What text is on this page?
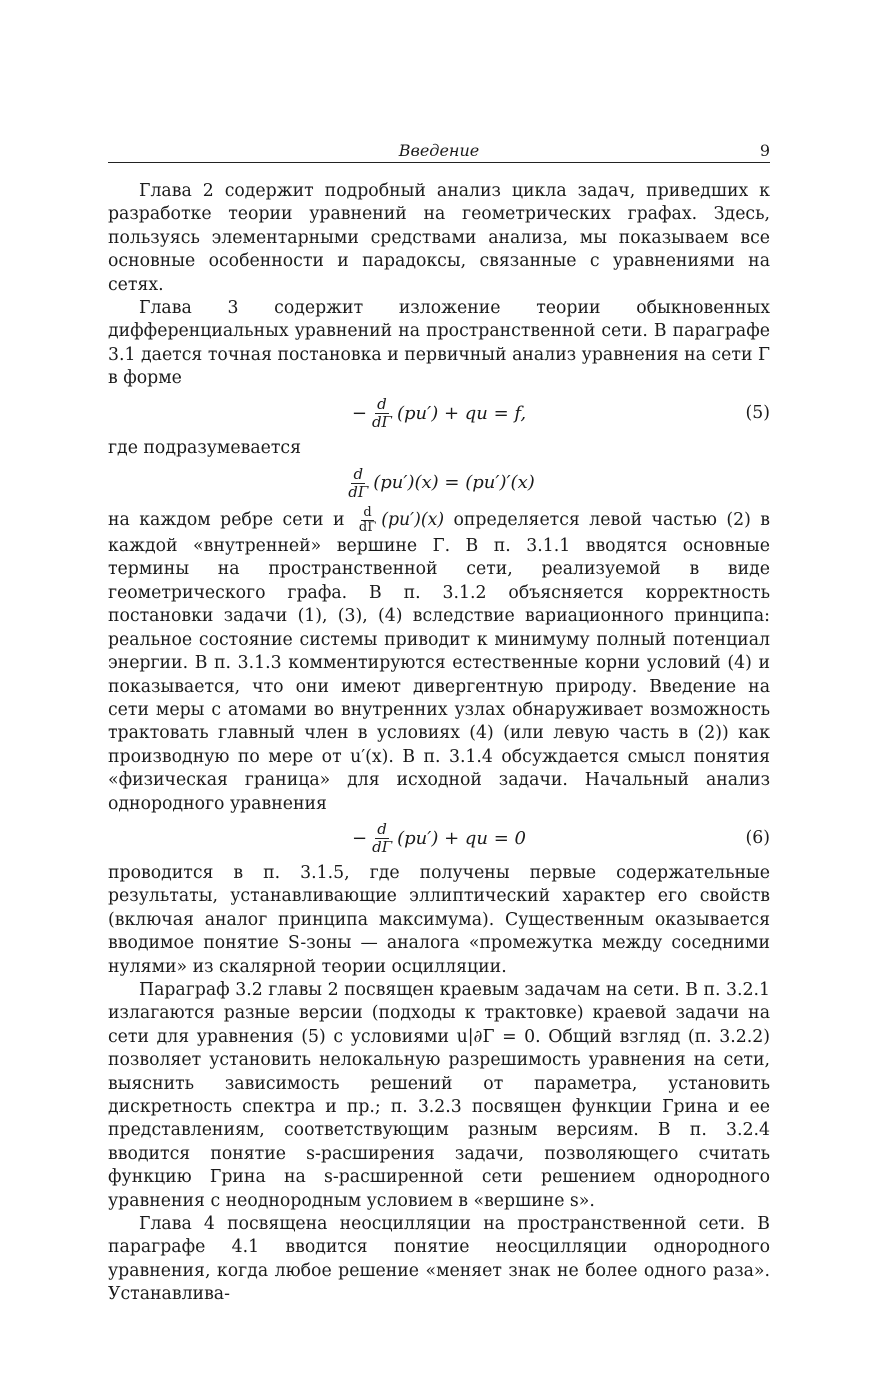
Введение	9

Глава 2 содержит подробный анализ цикла задач, приведших к разработке теории уравнений на геометрических графах. Здесь, пользуясь элементарными средствами анализа, мы показываем все основные особенности и парадоксы, связанные с уравнениями на сетях.

Глава 3 содержит изложение теории обыкновенных дифференциальных уравнений на пространственной сети. В параграфе 3.1 дается точная постановка и первичный анализ уравнения на сети Γ в форме

− $\frac{d}{d\Gamma} (pu')$ + qu = f,	(5)

где подразумевается

$\frac{d}{d\Gamma} (pu')(x) = (pu')'(x)$

на каждом ребре сети и $\frac{d}{d\Gamma} (pu')(x)$ определяется левой частью (2) в каждой «внутренней» вершине Γ. В п. 3.1.1 вводятся основные термины на пространственной сети, реализуемой в виде геометрического графа. В п. 3.1.2 объясняется корректность постановки задачи (1), (3), (4) вследствие вариационного принципа: реальное состояние системы приводит к минимуму полный потенциал энергии. В п. 3.1.3 комментируются естественные корни условий (4) и показывается, что они имеют дивергентную природу. Введение на сети меры с атомами во внутренних узлах обнаруживает возможность трактовать главный член в условиях (4) (или левую часть в (2)) как производную по мере от u′(x). В п. 3.1.4 обсуждается смысл понятия «физическая граница» для исходной задачи. Начальный анализ однородного уравнения

− $\frac{d}{d\Gamma} (pu')$ + qu = 0	(6)

проводится в п. 3.1.5, где получены первые содержательные результаты, устанавливающие эллиптический характер его свойств (включая аналог принципа максимума). Существенным оказывается вводимое понятие S-зоны — аналога «промежутка между соседними нулями» из скалярной теории осцилляции.

Параграф 3.2 главы 2 посвящен краевым задачам на сети. В п. 3.2.1 излагаются разные версии (подходы к трактовке) краевой задачи на сети для уравнения (5) с условиями u|∂Γ = 0. Общий взгляд (п. 3.2.2) позволяет установить нелокальную разрешимость уравнения на сети, выяснить зависимость решений от параметра, установить дискретность спектра и пр.; п. 3.2.3 посвящен функции Грина и ее представлениям, соответствующим разным версиям. В п. 3.2.4 вводится понятие s-расширения задачи, позволяющего считать функцию Грина на s-расширенной сети решением однородного уравнения с неоднородным условием в «вершине s».

Глава 4 посвящена неосцилляции на пространственной сети. В параграфе 4.1 вводится понятие неосцилляции однородного уравнения, когда любое решение «меняет знак не более одного раза». Устанавлива-
